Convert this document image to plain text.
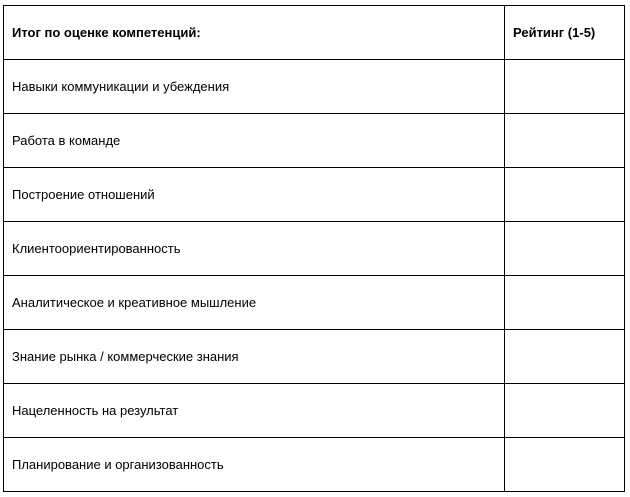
Итог по оценке компетенций:	Рейтинг (1-5)
Навыки коммуникации и убеждения	
Работа в команде	
Построение отношений	
Клиентоориентированность	
Аналитическое и креативное мышление	
Знание рынка / коммерческие знания	
Нацеленность на результат	
Планирование и организованность	
